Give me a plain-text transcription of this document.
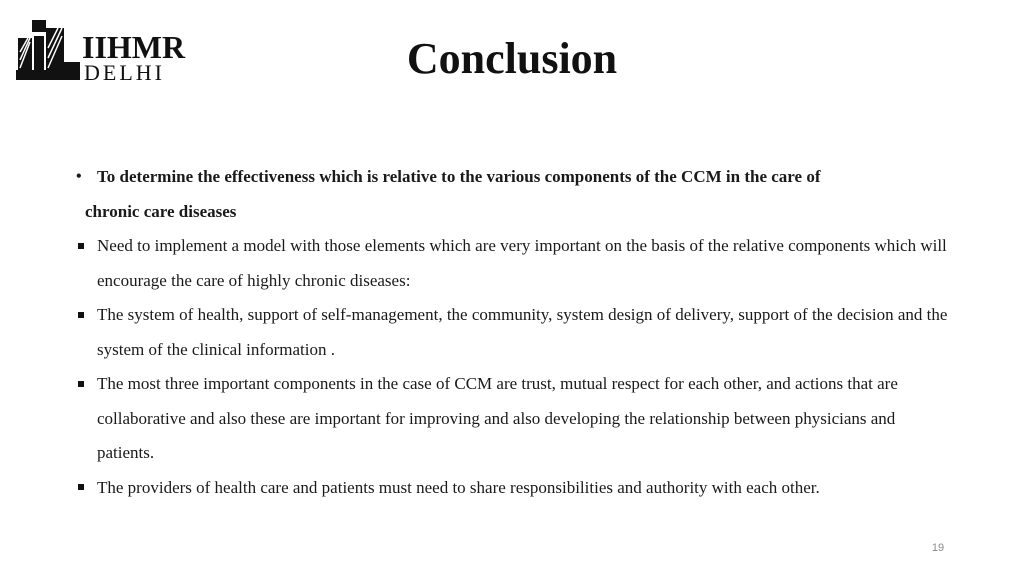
IIHMR
DELHI	Conclusion
• To determine the effectiveness which is relative to the various components of the CCM in the care of
chronic care diseases
Need to implement a model with those elements which are very important on the basis of the relative components which will encourage the care of highly chronic diseases:
The system of health, support of self-management, the community, system design of delivery, support of the decision and the system of the clinical information .
The most three important components in the case of CCM are trust, mutual respect for each other, and actions that are collaborative and also these are important for improving and also developing the relationship between physicians and patients.
The providers of health care and patients must need to share responsibilities and authority with each other.
19
